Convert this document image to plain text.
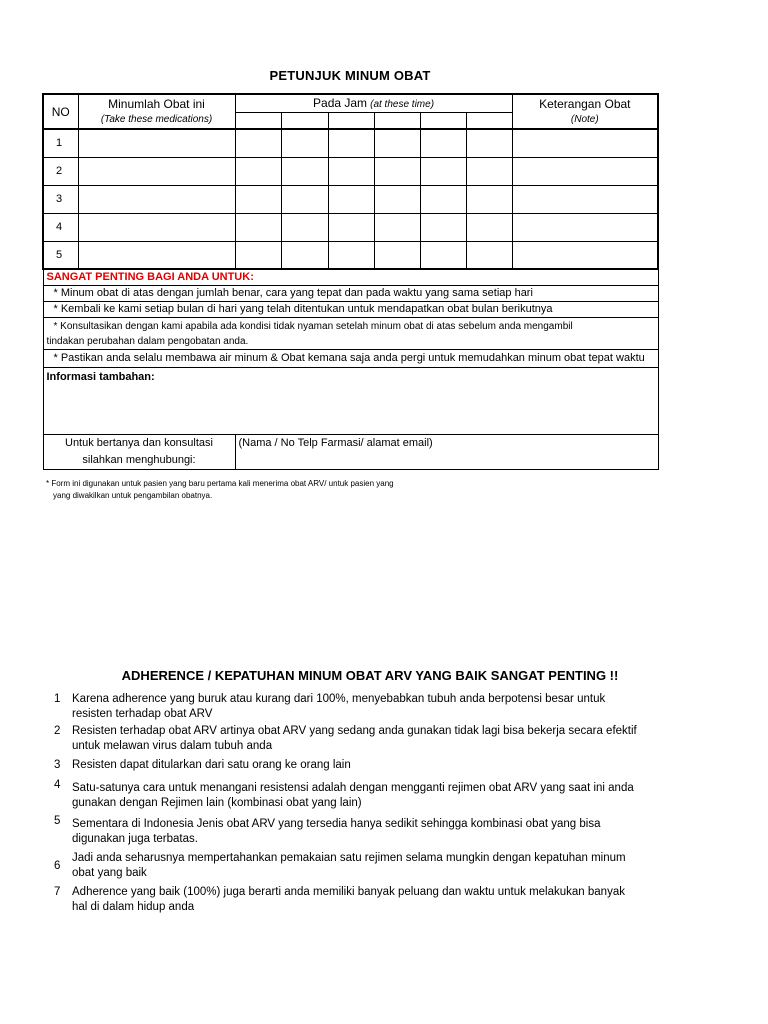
PETUNJUK MINUM OBAT
NO	Minumlah Obat ini	Pada Jam (at these time)						Keterangan Obat

	(Take these medications)							(Note)

1								
2								
3								
4								
5								
SANGAT PENTING BAGI ANDA UNTUK:								
* Minum obat di atas dengan jumlah benar, cara yang tepat dan pada waktu yang sama setiap hari								
* Kembali ke kami setiap bulan di hari yang telah ditentukan untuk mendapatkan obat bulan berikutnya								

* Konsultasikan dengan kami apabila ada kondisi tidak nyaman setelah minum obat di atas sebelum anda mengambil
tindakan perubahan dalam pengobatan anda.								

* Pastikan anda selalu membawa air minum & Obat kemana saja anda pergi untuk memudahkan minum obat tepat waktu								
Informasi tambahan:								

Untuk bertanya dan konsultasi
silahkan menghubungi:		(Nama / No Telp Farmasi/ alamat email)						
* Form ini digunakan untuk pasien yang baru pertama kali menerima obat ARV/ untuk pasien yang
yang diwakilkan untuk pengambilan obatnya.
ADHERENCE / KEPATUHAN MINUM OBAT ARV YANG BAIK SANGAT PENTING !!
1 Karena adherence yang buruk atau kurang dari 100%, menyebabkan tubuh anda berpotensi besar untuk
resisten terhadap obat ARV
2 Resisten terhadap obat ARV artinya obat ARV yang sedang anda gunakan tidak lagi bisa bekerja secara efektif
untuk melawan virus dalam tubuh anda
3 Resisten dapat ditularkan dari satu orang ke orang lain
4 Satu-satunya cara untuk menangani resistensi adalah dengan mengganti rejimen obat ARV yang saat ini anda
gunakan dengan Rejimen lain (kombinasi obat yang lain)
5 Sementara di Indonesia Jenis obat ARV yang tersedia hanya sedikit sehingga kombinasi obat yang bisa
digunakan juga terbatas.
6
Jadi anda seharusnya mempertahankan pemakaian satu rejimen selama mungkin dengan kepatuhan minum
obat yang baik
7 Adherence yang baik (100%) juga berarti anda memiliki banyak peluang dan waktu untuk melakukan banyak
hal di dalam hidup anda
